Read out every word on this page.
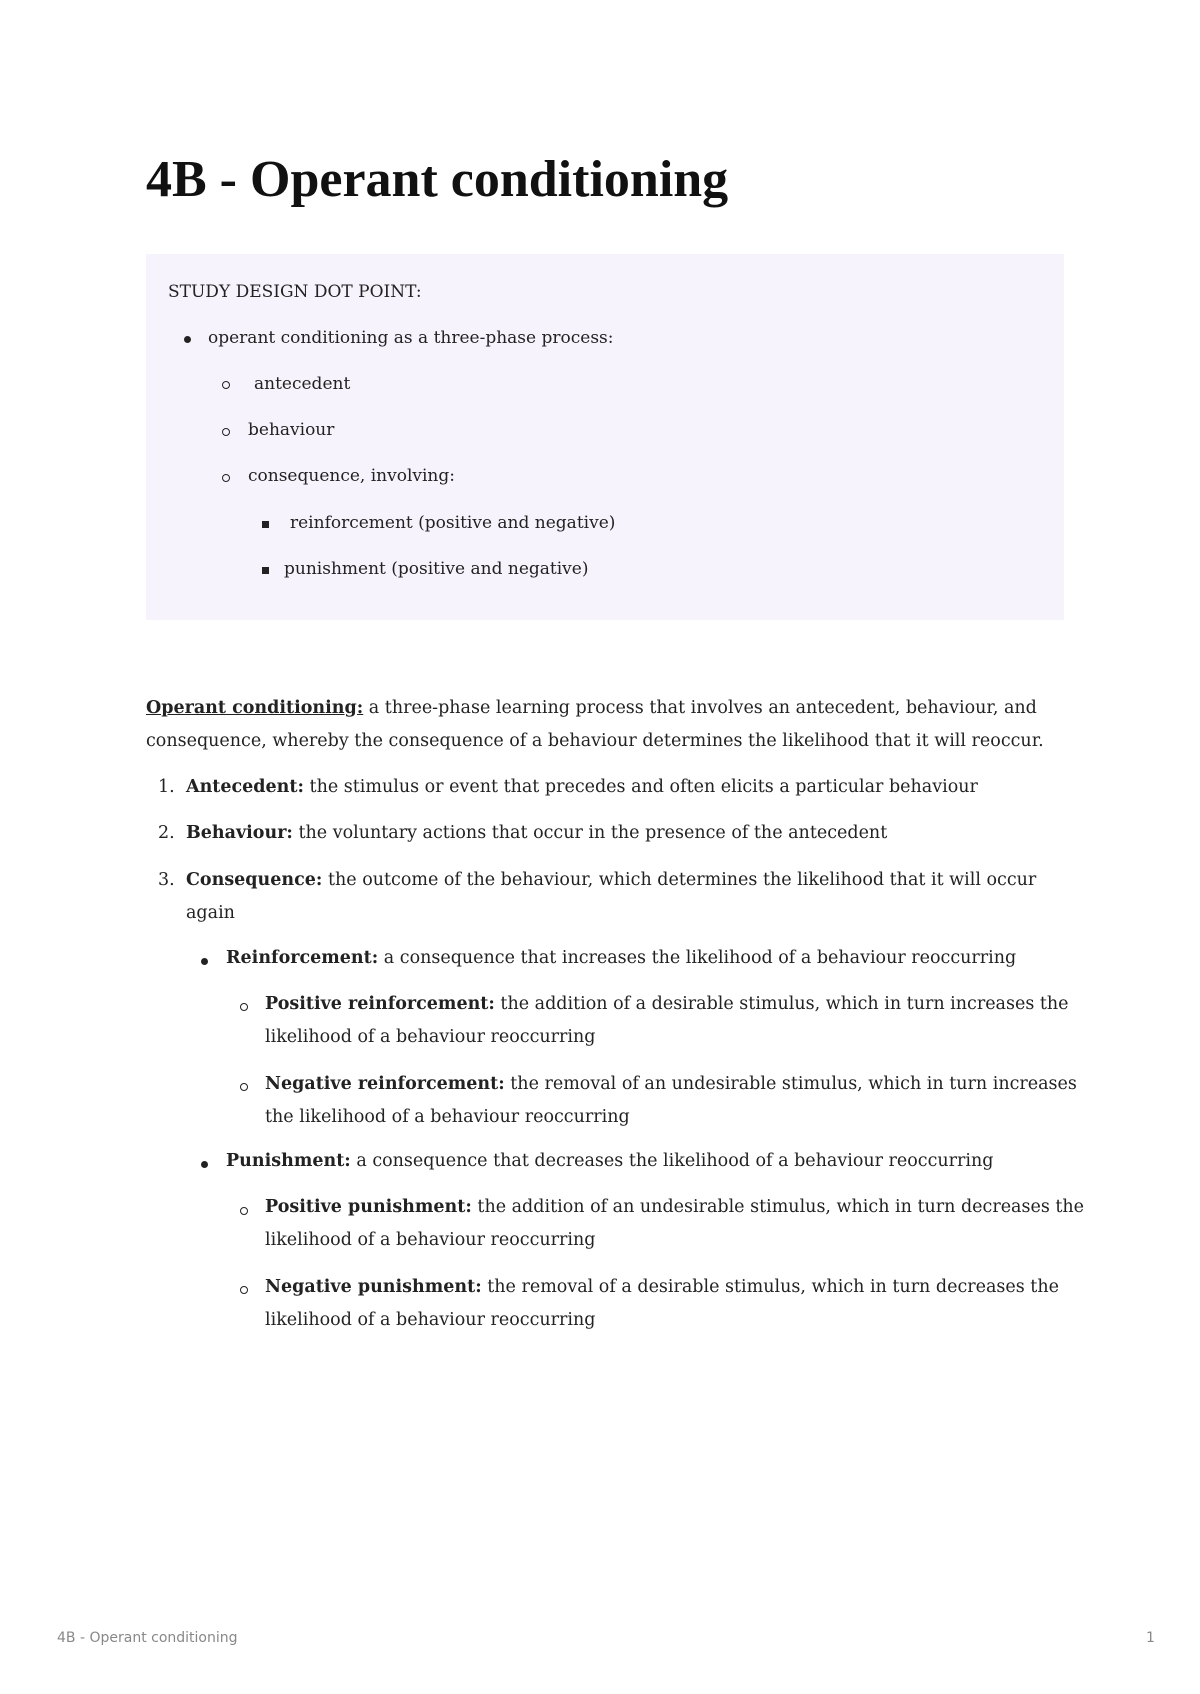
4B - Operant conditioning
STUDY DESIGN DOT POINT:
operant conditioning as a three-phase process:
antecedent
behaviour
consequence, involving:
reinforcement (positive and negative)
punishment (positive and negative)
Operant conditioning: a three-phase learning process that involves an antecedent, behaviour, and
consequence, whereby the consequence of a behaviour determines the likelihood that it will reoccur.
1. Antecedent: the stimulus or event that precedes and often elicits a particular behaviour
2. Behaviour: the voluntary actions that occur in the presence of the antecedent
3. Consequence: the outcome of the behaviour, which determines the likelihood that it will occur
again
Reinforcement: a consequence that increases the likelihood of a behaviour reoccurring
Positive reinforcement: the addition of a desirable stimulus, which in turn increases the
likelihood of a behaviour reoccurring
Negative reinforcement: the removal of an undesirable stimulus, which in turn increases
the likelihood of a behaviour reoccurring
Punishment: a consequence that decreases the likelihood of a behaviour reoccurring
Positive punishment: the addition of an undesirable stimulus, which in turn decreases the
likelihood of a behaviour reoccurring
Negative punishment: the removal of a desirable stimulus, which in turn decreases the
likelihood of a behaviour reoccurring
4B - Operant conditioning	1
